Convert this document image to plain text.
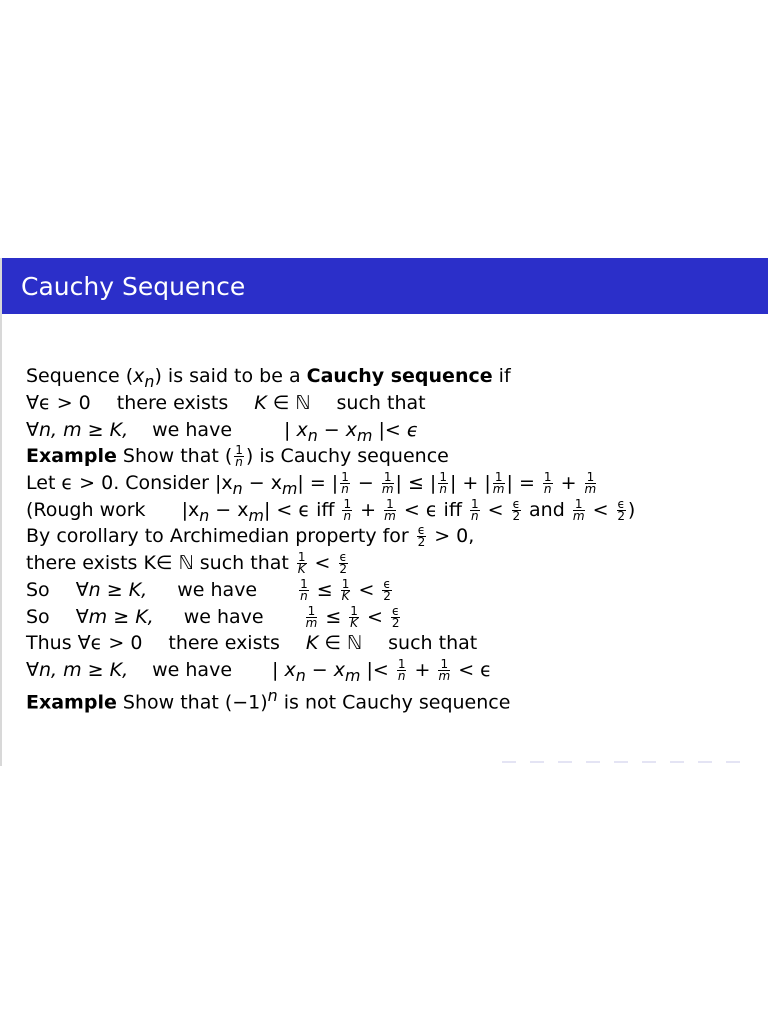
Cauchy Sequence
Sequence $(x_n)$ is said to be a Cauchy sequence if
∀ϵ > 0 there exists K ∈ ℕ such that
∀n, m ≥ K, we have	| $x_n - x_m$ |< ϵ
Example Show that ( $\frac{1}{n}$ ) is Cauchy sequence
Let ϵ > 0. Consider $|x_n - x_m|$ = | $\frac{1}{n} - \frac{1}{m}$ | ≤ | $\frac{1}{n}$ | + | $\frac{1}{m}$ | = $\frac{1}{n} + \frac{1}{m}$
(Rough work $|x_n - x_m| < \epsilon$ iff $\frac{1}{n} + \frac{1}{m} < \epsilon$ iff $\frac{1}{n} < \frac{\epsilon}{2}$ and $\frac{1}{m} < \frac{\epsilon}{2}$ )
By corollary to Archimedian property for $\frac{\epsilon}{2} > 0$,
there exists K∈ ℕ such that $\frac{1}{K} < \frac{\epsilon}{2}$
So ∀n ≥ K, we have	$\frac{1}{n} \le \frac{1}{K} < \frac{\epsilon}{2}$
So ∀m ≥ K, we have	$\frac{1}{m} \le \frac{1}{K} < \frac{\epsilon}{2}$
Thus ∀ϵ > 0 there exists K ∈ ℕ such that
∀n, m ≥ K, we have | $x_n - x_m$ |< $\frac{1}{n} + \frac{1}{m} < \epsilon$
Example Show that $(-1)^n$ is not Cauchy sequence
